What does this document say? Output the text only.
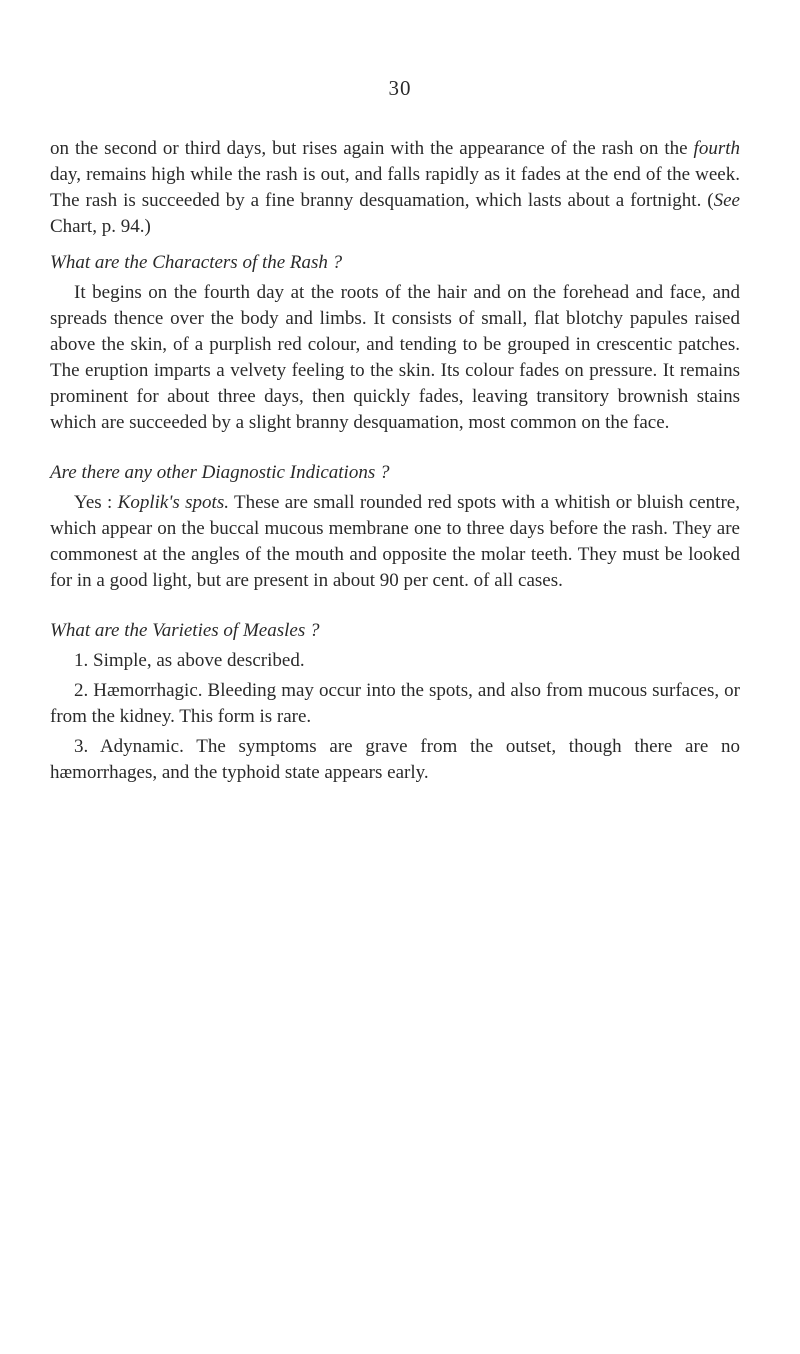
30

on the second or third days, but rises again with the appearance of the rash on the fourth day, remains high while the rash is out, and falls rapidly as it fades at the end of the week. The rash is succeeded by a fine branny desquamation, which lasts about a fortnight. (See Chart, p. 94.)

What are the Characters of the Rash ?

It begins on the fourth day at the roots of the hair and on the forehead and face, and spreads thence over the body and limbs. It consists of small, flat blotchy papules raised above the skin, of a purplish red colour, and tending to be grouped in crescentic patches. The eruption imparts a velvety feeling to the skin. Its colour fades on pressure. It remains prominent for about three days, then quickly fades, leaving transitory brownish stains which are succeeded by a slight branny desquamation, most common on the face.

Are there any other Diagnostic Indications ?

Yes : Koplik's spots. These are small rounded red spots with a whitish or bluish centre, which appear on the buccal mucous membrane one to three days before the rash. They are commonest at the angles of the mouth and opposite the molar teeth. They must be looked for in a good light, but are present in about 90 per cent. of all cases.

What are the Varieties of Measles ?

1. Simple, as above described.

2. Hæmorrhagic. Bleeding may occur into the spots, and also from mucous surfaces, or from the kidney. This form is rare.

3. Adynamic. The symptoms are grave from the outset, though there are no hæmorrhages, and the typhoid state appears early.
